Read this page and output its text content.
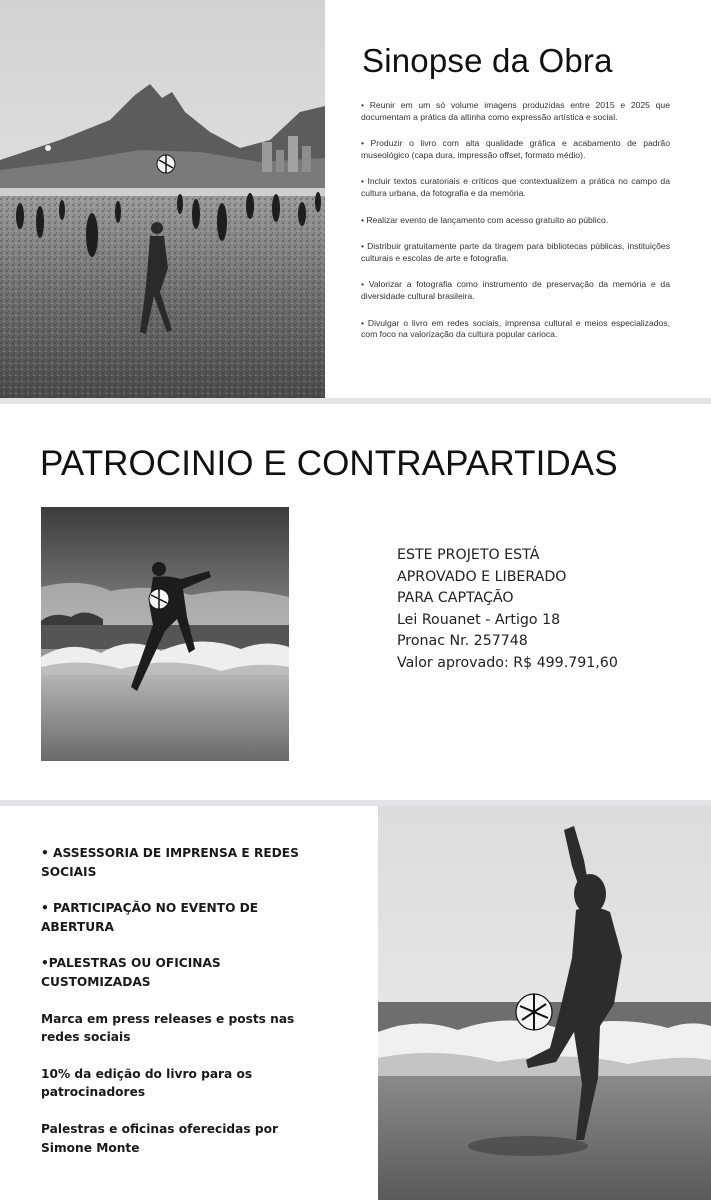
Sinopse da Obra
• Reunir em um só volume imagens produzidas entre 2015 e 2025 que documentam a prática da altinha como expressão artística e social.
• Produzir o livro com alta qualidade gráfica e acabamento de padrão museológico (capa dura, impressão offset, formato médio).
• Incluir textos curatoriais e críticos que contextualizem a prática no campo da cultura urbana, da fotografia e da memória.
• Realizar evento de lançamento com acesso gratuito ao público.
• Distribuir gratuitamente parte da tiragem para bibliotecas públicas, instituições culturais e escolas de arte e fotografia.
• Valorizar a fotografia como instrumento de preservação da memória e da diversidade cultural brasileira.
• Divulgar o livro em redes sociais, imprensa cultural e meios especializados, com foco na valorização da cultura popular carioca.
PATROCINIO E CONTRAPARTIDAS
ESTE PROJETO ESTÁ
APROVADO E LIBERADO
PARA CAPTAÇÃO
Lei Rouanet - Artigo 18
Pronac Nr. 257748
Valor aprovado: R$ 499.791,60
• ASSESSORIA DE IMPRENSA E REDES SOCIAIS
• PARTICIPAÇÃO NO EVENTO DE ABERTURA
•PALESTRAS OU OFICINAS CUSTOMIZADAS
Marca em press releases e posts nas redes sociais
10% da edição do livro para os patrocinadores
Palestras e oficinas oferecidas por Simone Monte
